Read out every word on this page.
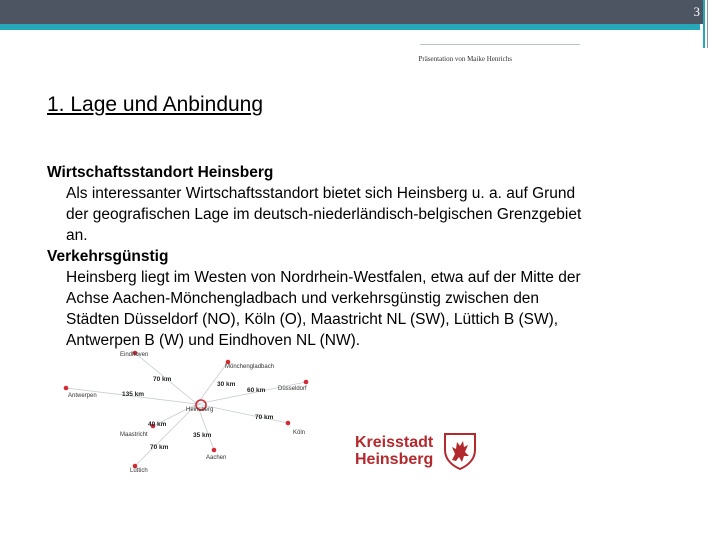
3
Präsentation von Maike Henrichs
1. Lage und Anbindung
Wirtschaftsstandort Heinsberg
Als interessanter Wirtschaftsstandort bietet sich Heinsberg u. a. auf Grund
der geografischen Lage im deutsch-niederländisch-belgischen Grenzgebiet
an.
Verkehrsgünstig
Heinsberg liegt im Westen von Nordrhein-Westfalen, etwa auf der Mitte der
Achse Aachen-Mönchengladbach und verkehrsgünstig zwischen den
Städten Düsseldorf (NO), Köln (O), Maastricht NL (SW), Lüttich B (SW),
Antwerpen B (W) und Eindhoven NL (NW).
Eindhoven
Mönchengladbach
Düsseldorf
Antwerpen
Köln
Maastricht
Aachen
Lüttich
Heinsberg
70 km
30 km
60 km
135 km
70 km
40 km
35 km
70 km	Kreisstadt
Heinsberg
